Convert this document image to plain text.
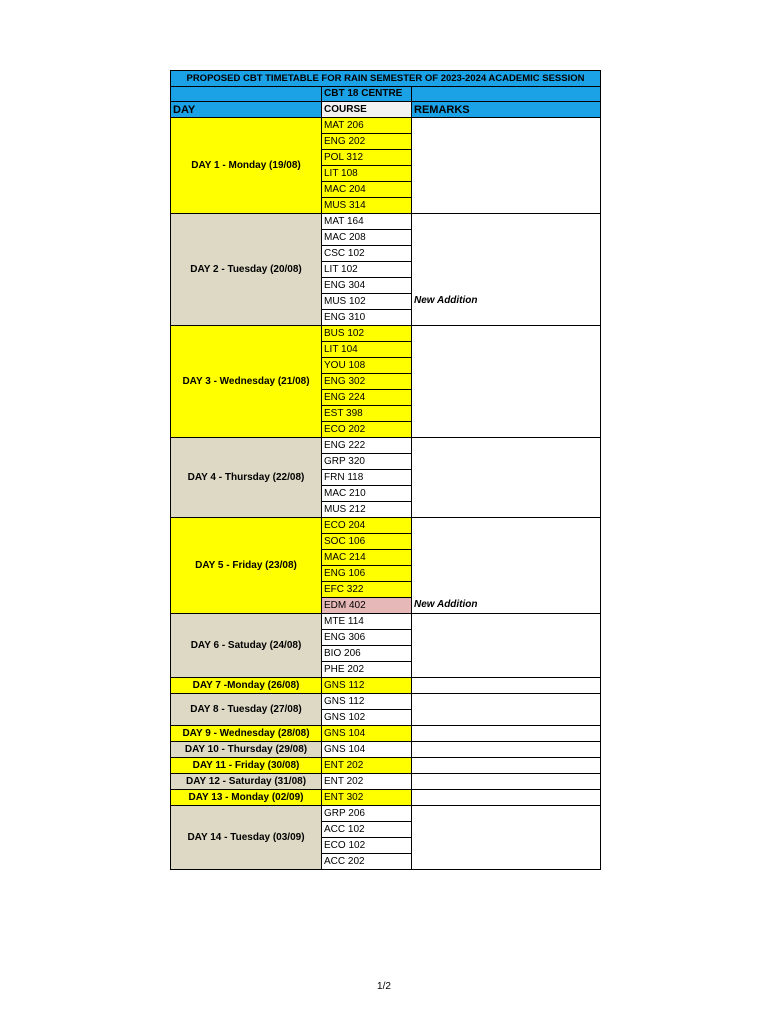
PROPOSED CBT TIMETABLE FOR RAIN SEMESTER OF 2023-2024 ACADEMIC SESSION		
	CBT 18 CENTRE	
DAY	COURSE	REMARKS
DAY 1 - Monday (19/08)	MAT 206	
	ENG 202	
	POL 312	
	LIT 108	
	MAC 204	
	MUS 314	
DAY 2 - Tuesday (20/08)	MAT 164	
	MAC 208	
	CSC 102	
	LIT 102	
	ENG 304	
	MUS 102	New Addition
	ENG 310	
DAY 3 - Wednesday (21/08)	BUS 102	
	LIT 104	
	YOU 108	
	ENG 302	
	ENG 224	
	EST 398	
	ECO 202	
DAY 4 - Thursday (22/08)	ENG 222	
	GRP 320	
	FRN 118	
	MAC 210	
	MUS 212	
DAY 5 - Friday (23/08)	ECO 204	
	SOC 106	
	MAC 214	
	ENG 106	
	EFC 322	
	EDM 402	New Addition
DAY 6 - Satuday (24/08)	MTE 114	
	ENG 306	
	BIO 206	
	PHE 202	
DAY 7 -Monday (26/08)	GNS 112	
DAY 8 - Tuesday (27/08)	GNS 112	
	GNS 102	
DAY 9 - Wednesday (28/08)	GNS 104	
DAY 10 - Thursday (29/08)	GNS 104	
DAY 11 - Friday (30/08)	ENT 202	
DAY 12 - Saturday (31/08)	ENT 202	
DAY 13 - Monday (02/09)	ENT 302	
DAY 14 - Tuesday (03/09)	GRP 206	
	ACC 102	
	ECO 102	
	ACC 202	
1/2
